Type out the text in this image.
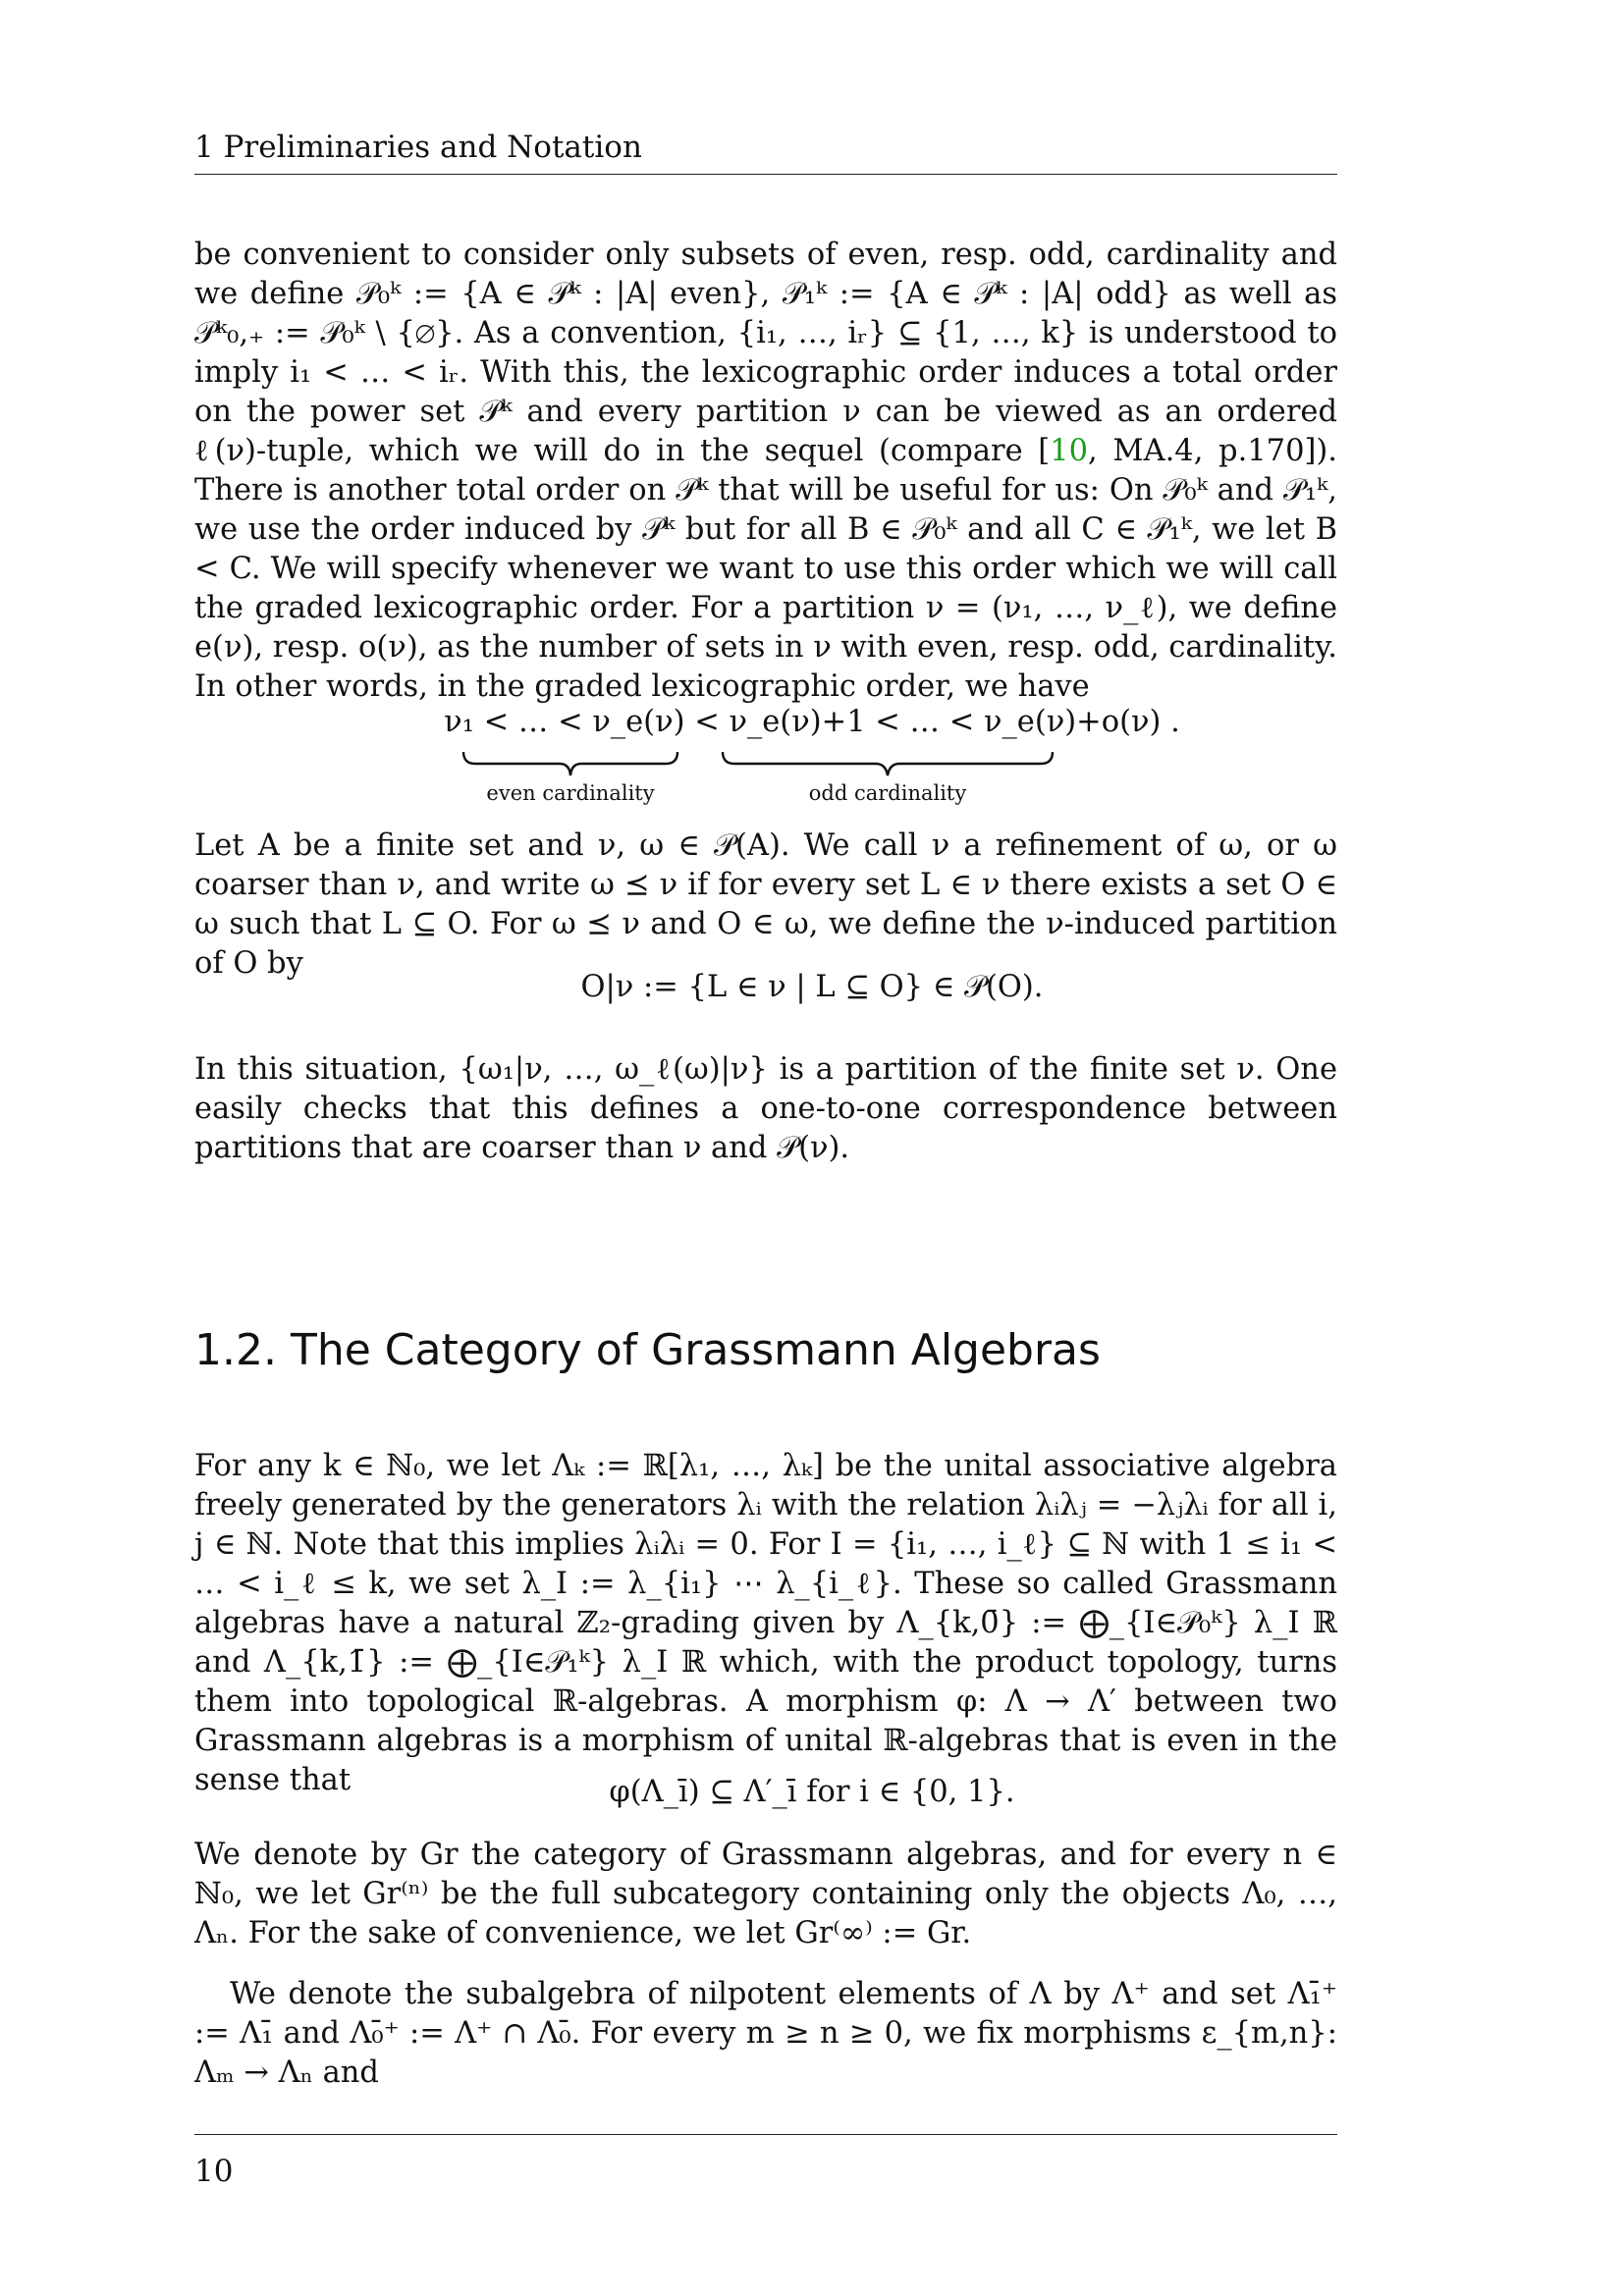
1 Preliminaries and Notation

be convenient to consider only subsets of even, resp. odd, cardinality and we define 𝒫₀ᵏ := {A ∈ 𝒫ᵏ : |A| even}, 𝒫₁ᵏ := {A ∈ 𝒫ᵏ : |A| odd} as well as 𝒫ᵏ₀,₊ := 𝒫₀ᵏ \ {∅}. As a convention, {i₁, …, iᵣ} ⊆ {1, …, k} is understood to imply i₁ < … < iᵣ. With this, the lexicographic order induces a total order on the power set 𝒫ᵏ and every partition ν can be viewed as an ordered ℓ(ν)-tuple, which we will do in the sequel (compare [10, MA.4, p.170]). There is another total order on 𝒫ᵏ that will be useful for us: On 𝒫₀ᵏ and 𝒫₁ᵏ, we use the order induced by 𝒫ᵏ but for all B ∈ 𝒫₀ᵏ and all C ∈ 𝒫₁ᵏ, we let B < C. We will specify whenever we want to use this order which we will call the graded lexicographic order. For a partition ν = (ν₁, …, ν_ℓ), we define e(ν), resp. o(ν), as the number of sets in ν with even, resp. odd, cardinality. In other words, in the graded lexicographic order, we have

ν₁ < … < ν_e(ν) < ν_e(ν)+1 < … < ν_e(ν)+o(ν) .
even cardinality	odd cardinality

Let A be a finite set and ν, ω ∈ 𝒫(A). We call ν a refinement of ω, or ω coarser than ν, and write ω ⪯ ν if for every set L ∈ ν there exists a set O ∈ ω such that L ⊆ O. For ω ⪯ ν and O ∈ ω, we define the ν-induced partition of O by

O|ν := {L ∈ ν | L ⊆ O} ∈ 𝒫(O).

In this situation, {ω₁|ν, …, ω_ℓ(ω)|ν} is a partition of the finite set ν. One easily checks that this defines a one-to-one correspondence between partitions that are coarser than ν and 𝒫(ν).

1.2. The Category of Grassmann Algebras

For any k ∈ ℕ₀, we let Λₖ := ℝ[λ₁, …, λₖ] be the unital associative algebra freely generated by the generators λᵢ with the relation λᵢλⱼ = −λⱼλᵢ for all i, j ∈ ℕ. Note that this implies λᵢλᵢ = 0. For I = {i₁, …, i_ℓ} ⊆ ℕ with 1 ≤ i₁ < … < i_ℓ ≤ k, we set λ_I := λ_{i₁} ⋯ λ_{i_ℓ}. These so called Grassmann algebras have a natural ℤ₂-grading given by Λ_{k,0̄} := ⨁_{I∈𝒫₀ᵏ} λ_I ℝ and Λ_{k,1̄} := ⨁_{I∈𝒫₁ᵏ} λ_I ℝ which, with the product topology, turns them into topological ℝ-algebras. A morphism φ: Λ → Λ′ between two Grassmann algebras is a morphism of unital ℝ-algebras that is even in the sense that	φ(Λ_ī) ⊆ Λ′_ī for i ∈ {0, 1}.

We denote by Gr the category of Grassmann algebras, and for every n ∈ ℕ₀, we let Gr⁽ⁿ⁾ be the full subcategory containing only the objects Λ₀, …, Λₙ. For the sake of convenience, we let Gr⁽∞⁾ := Gr.

We denote the subalgebra of nilpotent elements of Λ by Λ⁺ and set Λ₁̄⁺ := Λ₁̄ and Λ₀̄⁺ := Λ⁺ ∩ Λ₀̄. For every m ≥ n ≥ 0, we fix morphisms ε_{m,n}: Λₘ → Λₙ and

10
